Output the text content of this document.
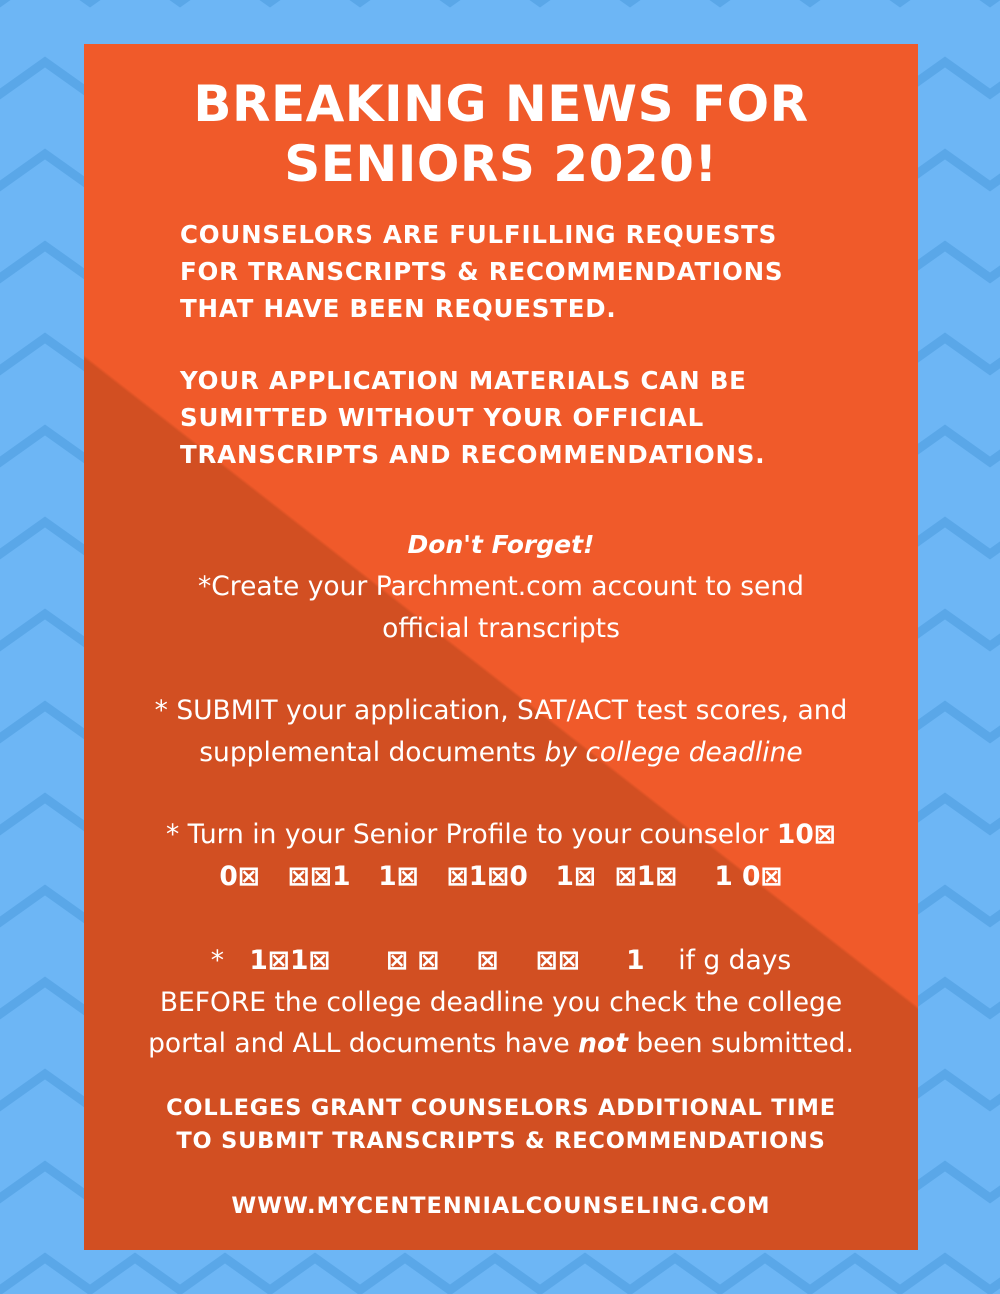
BREAKING NEWS FOR
SENIORS 2020!

COUNSELORS ARE FULFILLING REQUESTS
FOR TRANSCRIPTS & RECOMMENDATIONS
THAT HAVE BEEN REQUESTED.

YOUR APPLICATION MATERIALS CAN BE
SUMITTED WITHOUT YOUR OFFICIAL
TRANSCRIPTS AND RECOMMENDATIONS.

Don't Forget!

*Create your Parchment.com account to send
official transcripts

* SUBMIT your application, SAT/ACT test scores, and
supplemental documents by college deadline

* Turn in your Senior Profile to your counselor 10⊠
0⊠   ⊠⊠1   1⊠   ⊠1⊠0   1⊠  ⊠1⊠    1 0⊠

*   1⊠1⊠      ⊠ ⊠    ⊠    ⊠⊠     1    if g days
BEFORE the college deadline you check the college
portal and ALL documents have not been submitted.

COLLEGES GRANT COUNSELORS ADDITIONAL TIME
TO SUBMIT TRANSCRIPTS & RECOMMENDATIONS

WWW.MYCENTENNIALCOUNSELING.COM
